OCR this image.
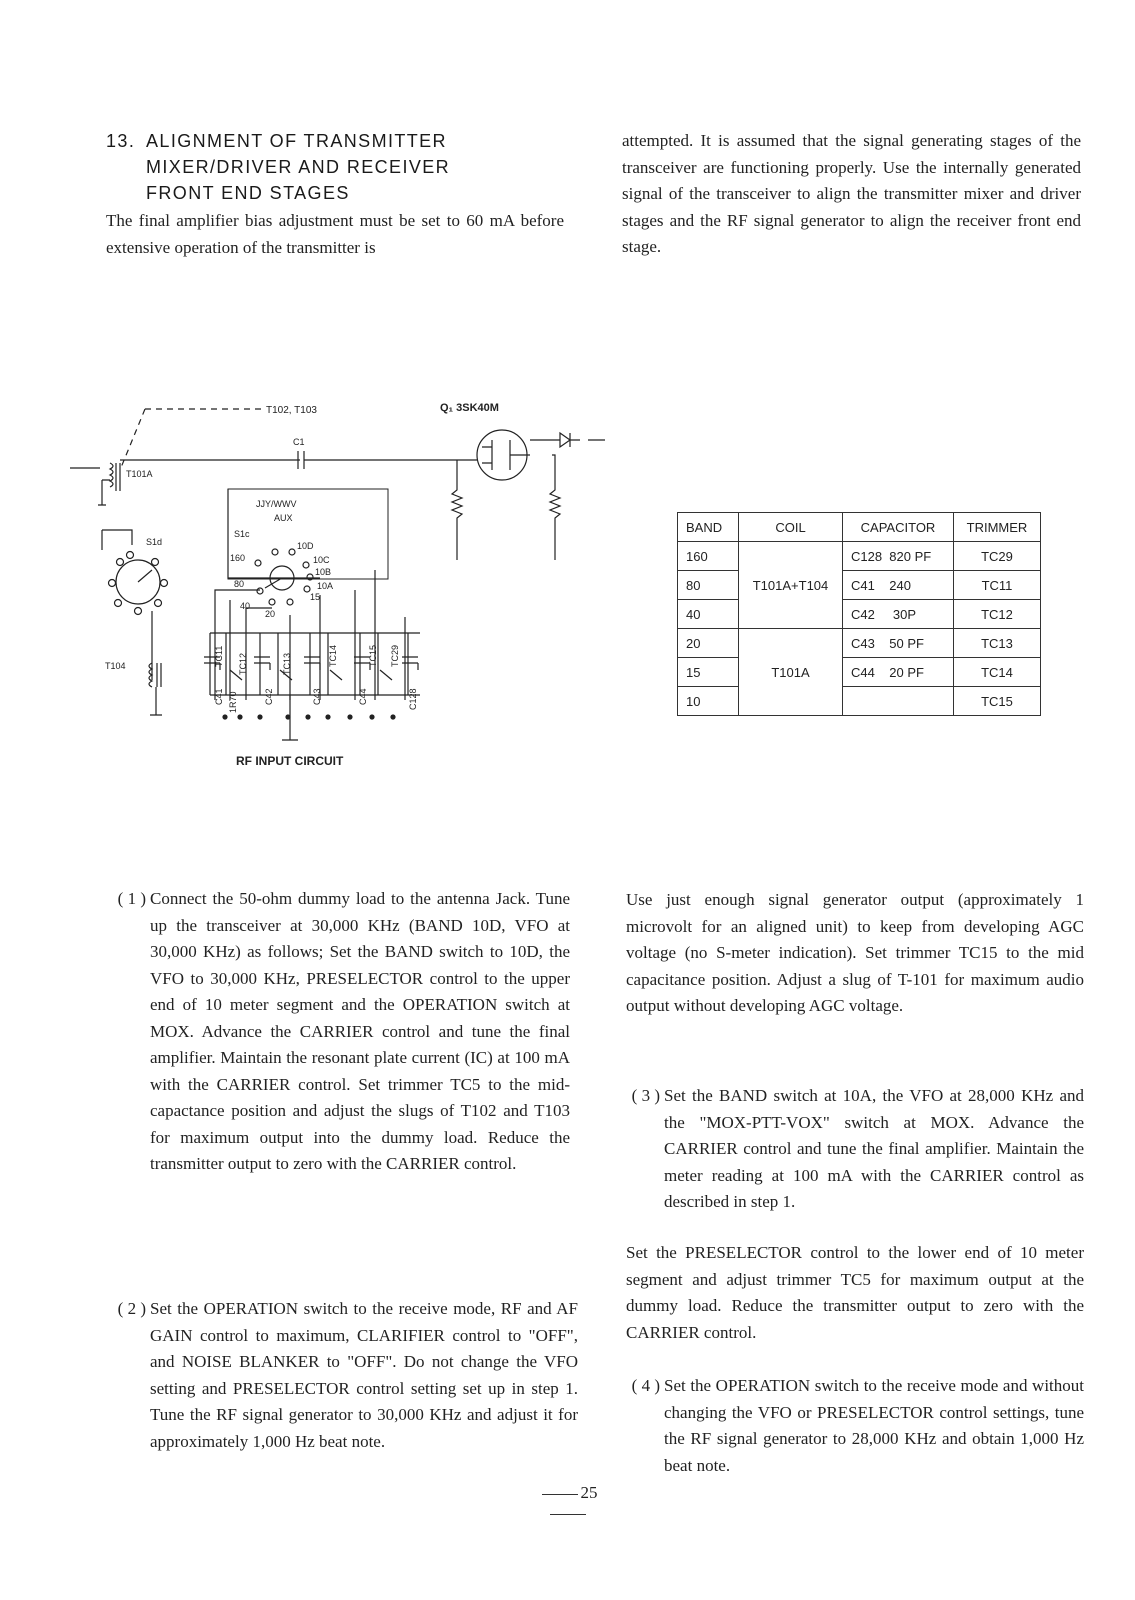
13. ALIGNMENT OF TRANSMITTER
MIXER/DRIVER AND RECEIVER
FRONT END STAGES

The final amplifier bias adjustment must be set to 60 mA before extensive operation of the transmitter is

attempted. It is assumed that the signal generating stages of the transceiver are functioning properly. Use the internally generated signal of the transceiver to align the transmitter mixer and driver stages and the RF signal generator to align the receiver front end stage.

T102, T103	Q₁ 3SK40M
C1
T101A
S1d
T104
JJY/WWV
AUX
S1c
10D
160	10C
10B
80	10A
15
40
20
TC11 TC12	TC13	TC14	TC15 TC29
C41 1R70	C42	C43	C44	C128
RF INPUT CIRCUIT
BAND	COIL	CAPACITOR	TRIMMER
160	T101A+T104	C128  820 PF	TC29
80		C41    240	TC11
40		C42     30P	TC12
20	T101A	C43    50 PF	TC13
15		C44    20 PF	TC14
10			TC15
( 1 ) Connect the 50-ohm dummy load to the antenna Jack. Tune up the transceiver at 30,000 KHz (BAND 10D, VFO at 30,000 KHz) as follows; Set the BAND switch to 10D, the VFO to 30,000 KHz, PRESELECTOR control to the upper end of 10 meter segment and the OPERATION switch at MOX. Advance the CARRIER control and tune the final amplifier. Maintain the resonant plate current (IC) at 100 mA with the CARRIER control. Set trimmer TC5 to the mid-capactance position and adjust the slugs of T102 and T103 for maximum output into the dummy load. Reduce the transmitter output to zero with the CARRIER control.
( 2 ) Set the OPERATION switch to the receive mode, RF and AF GAIN control to maximum, CLARIFIER control to "OFF", and NOISE BLANKER to "OFF". Do not change the VFO setting and PRESELECTOR control setting set up in step 1. Tune the RF signal generator to 30,000 KHz and adjust it for approximately 1,000 Hz beat note.

Use just enough signal generator output (approximately 1 microvolt for an aligned unit) to keep from developing AGC voltage (no S-meter indication). Set trimmer TC15 to the mid capacitance position. Adjust a slug of T-101 for maximum audio output without developing AGC voltage.

( 3 ) Set the BAND switch at 10A, the VFO at 28,000 KHz and the "MOX-PTT-VOX" switch at MOX. Advance the CARRIER control and tune the final amplifier. Maintain the meter reading at 100 mA with the CARRIER control as described in step 1.

Set the PRESELECTOR control to the lower end of 10 meter segment and adjust trimmer TC5 for maximum output at the dummy load. Reduce the transmitter output to zero with the CARRIER control.

( 4 ) Set the OPERATION switch to the receive mode and without changing the VFO or PRESELECTOR control settings, tune the RF signal generator to 28,000 KHz and obtain 1,000 Hz beat note.
25
